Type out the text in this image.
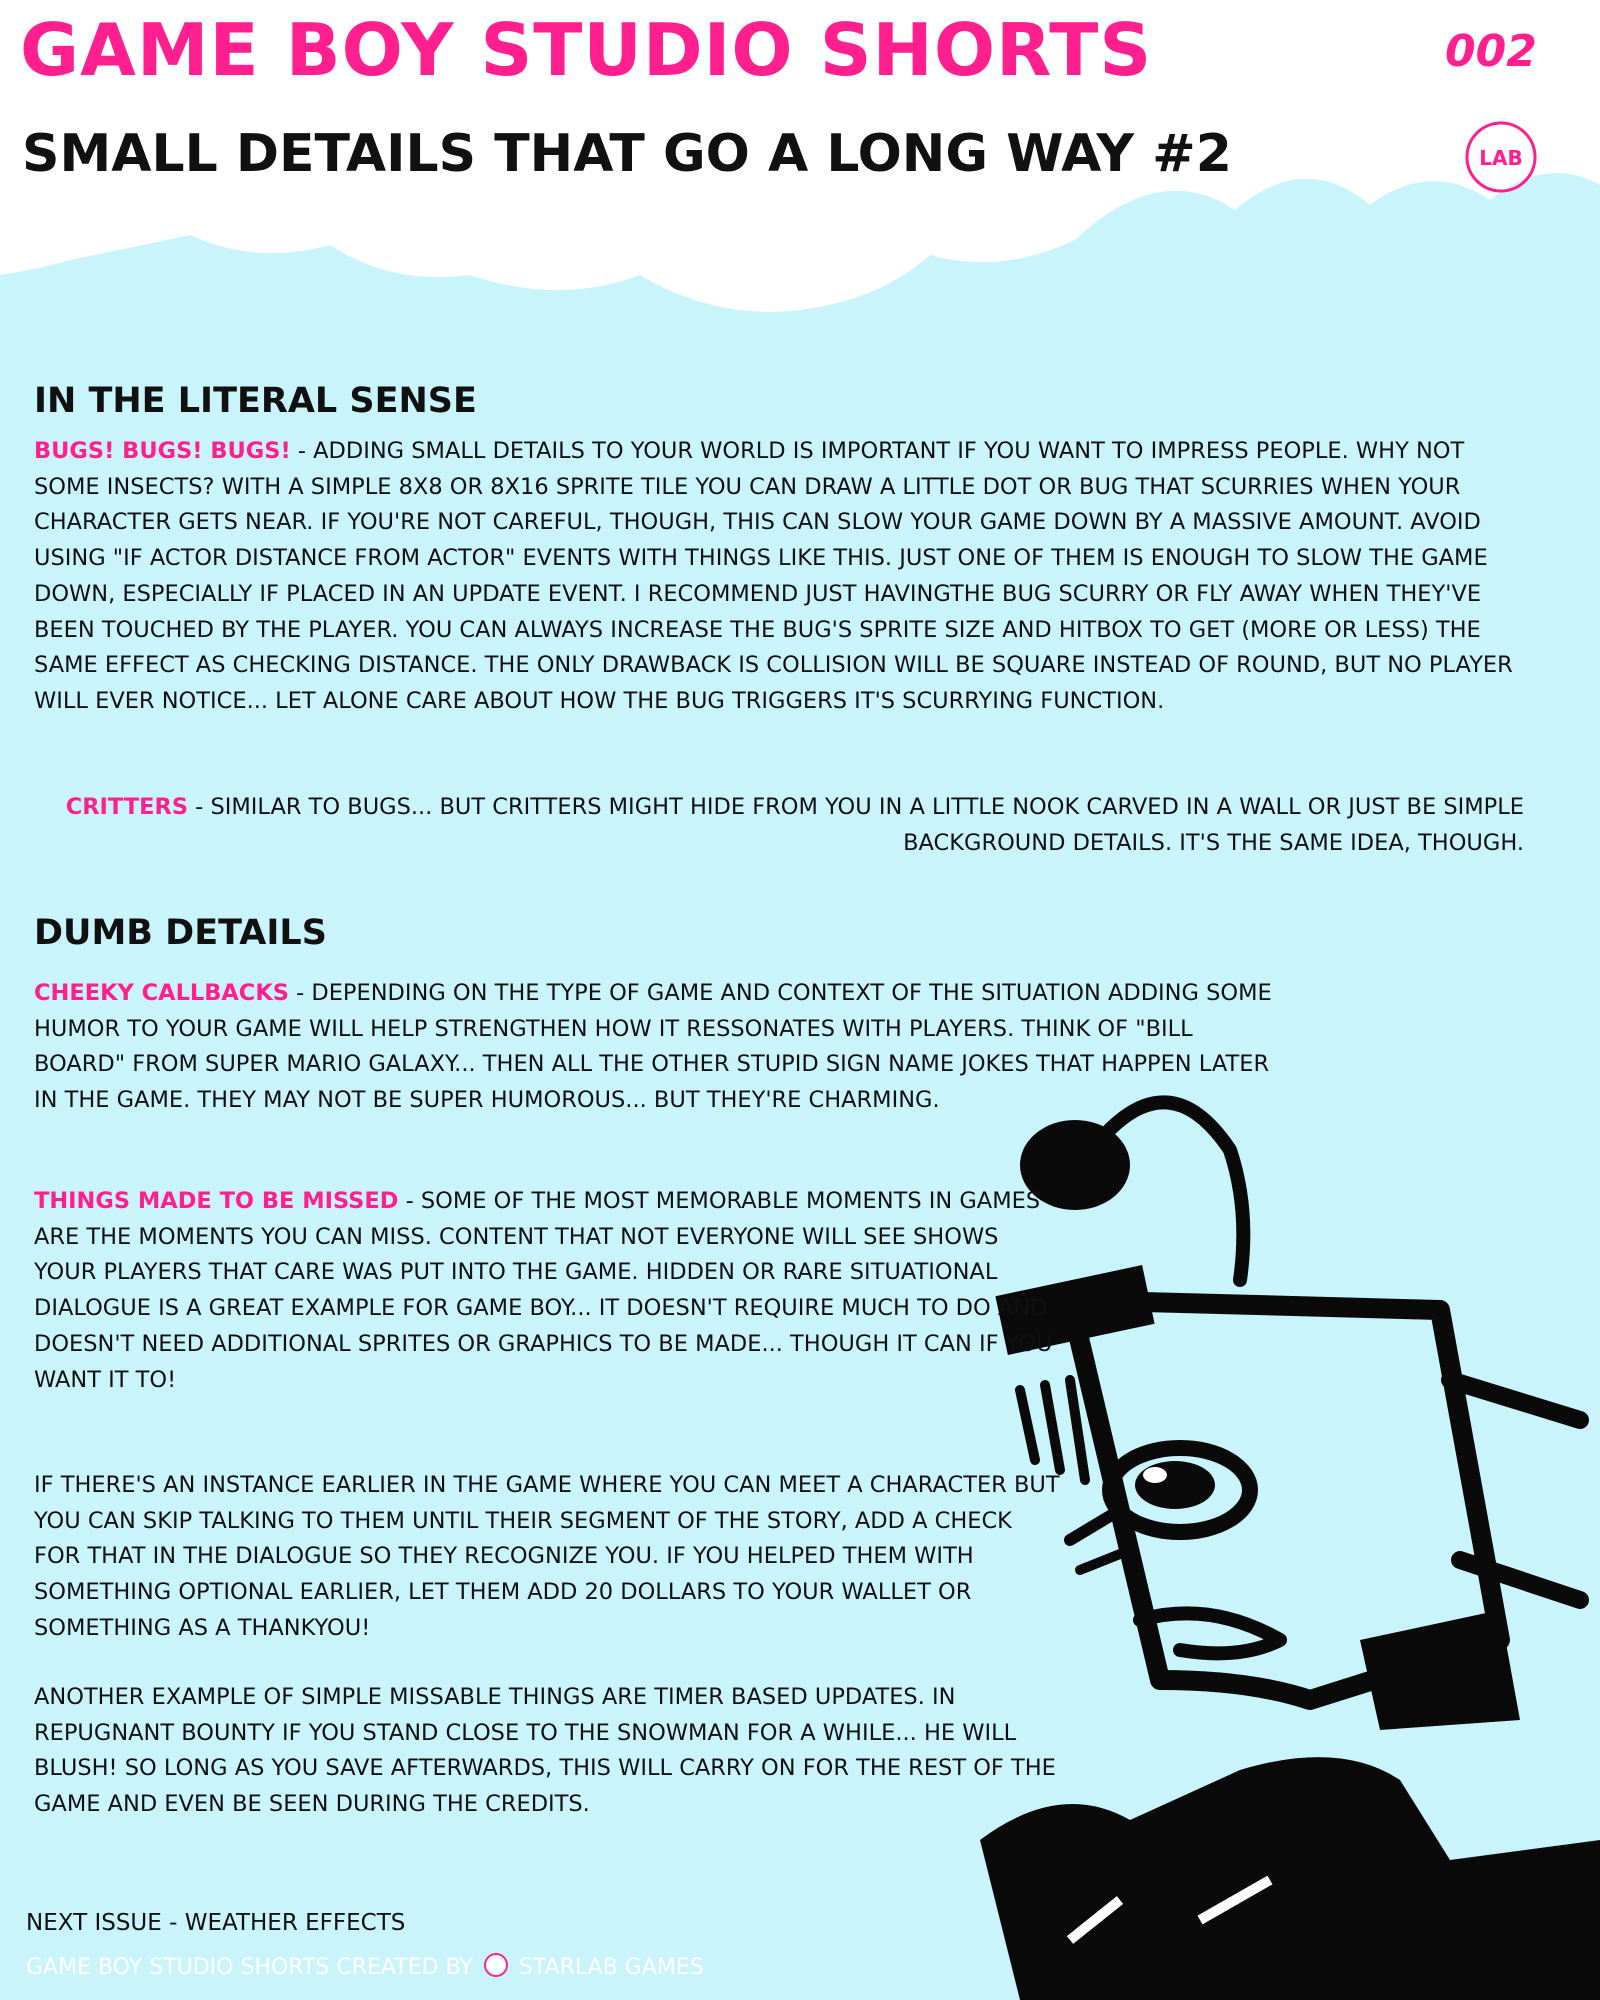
GAME BOY STUDIO SHORTS	002
SMALL DETAILS THAT GO A LONG WAY #2	LAB
IN THE LITERAL SENSE

BUGS! BUGS! BUGS! - ADDING SMALL DETAILS TO YOUR WORLD IS IMPORTANT IF YOU WANT TO IMPRESS PEOPLE. WHY NOT SOME INSECTS? WITH A SIMPLE 8X8 OR 8X16 SPRITE TILE YOU CAN DRAW A LITTLE DOT OR BUG THAT SCURRIES WHEN YOUR CHARACTER GETS NEAR. IF YOU'RE NOT CAREFUL, THOUGH, THIS CAN SLOW YOUR GAME DOWN BY A MASSIVE AMOUNT. AVOID USING "IF ACTOR DISTANCE FROM ACTOR" EVENTS WITH THINGS LIKE THIS. JUST ONE OF THEM IS ENOUGH TO SLOW THE GAME DOWN, ESPECIALLY IF PLACED IN AN UPDATE EVENT. I RECOMMEND JUST HAVINGTHE BUG SCURRY OR FLY AWAY WHEN THEY'VE BEEN TOUCHED BY THE PLAYER. YOU CAN ALWAYS INCREASE THE BUG'S SPRITE SIZE AND HITBOX TO GET (MORE OR LESS) THE SAME EFFECT AS CHECKING DISTANCE. THE ONLY DRAWBACK IS COLLISION WILL BE SQUARE INSTEAD OF ROUND, BUT NO PLAYER WILL EVER NOTICE... LET ALONE CARE ABOUT HOW THE BUG TRIGGERS IT'S SCURRYING FUNCTION.

CRITTERS - SIMILAR TO BUGS... BUT CRITTERS MIGHT HIDE FROM YOU IN A LITTLE NOOK CARVED IN A WALL OR JUST BE SIMPLE BACKGROUND DETAILS. IT'S THE SAME IDEA, THOUGH.

DUMB DETAILS

CHEEKY CALLBACKS - DEPENDING ON THE TYPE OF GAME AND CONTEXT OF THE SITUATION ADDING SOME HUMOR TO YOUR GAME WILL HELP STRENGTHEN HOW IT RESSONATES WITH PLAYERS. THINK OF "BILL BOARD" FROM SUPER MARIO GALAXY... THEN ALL THE OTHER STUPID SIGN NAME JOKES THAT HAPPEN LATER IN THE GAME. THEY MAY NOT BE SUPER HUMOROUS... BUT THEY'RE CHARMING.

THINGS MADE TO BE MISSED - SOME OF THE MOST MEMORABLE MOMENTS IN GAMES ARE THE MOMENTS YOU CAN MISS. CONTENT THAT NOT EVERYONE WILL SEE SHOWS YOUR PLAYERS THAT CARE WAS PUT INTO THE GAME. HIDDEN OR RARE SITUATIONAL DIALOGUE IS A GREAT EXAMPLE FOR GAME BOY... IT DOESN'T REQUIRE MUCH TO DO AND DOESN'T NEED ADDITIONAL SPRITES OR GRAPHICS TO BE MADE... THOUGH IT CAN IF YOU WANT IT TO!

IF THERE'S AN INSTANCE EARLIER IN THE GAME WHERE YOU CAN MEET A CHARACTER BUT YOU CAN SKIP TALKING TO THEM UNTIL THEIR SEGMENT OF THE STORY, ADD A CHECK FOR THAT IN THE DIALOGUE SO THEY RECOGNIZE YOU. IF YOU HELPED THEM WITH SOMETHING OPTIONAL EARLIER, LET THEM ADD 20 DOLLARS TO YOUR WALLET OR SOMETHING AS A THANKYOU!

ANOTHER EXAMPLE OF SIMPLE MISSABLE THINGS ARE TIMER BASED UPDATES. IN REPUGNANT BOUNTY IF YOU STAND CLOSE TO THE SNOWMAN FOR A WHILE... HE WILL BLUSH! SO LONG AS YOU SAVE AFTERWARDS, THIS WILL CARRY ON FOR THE REST OF THE GAME AND EVEN BE SEEN DURING THE CREDITS.

NEXT ISSUE - WEATHER EFFECTS
GAME BOY STUDIO SHORTS CREATED BY STARLAB GAMES
